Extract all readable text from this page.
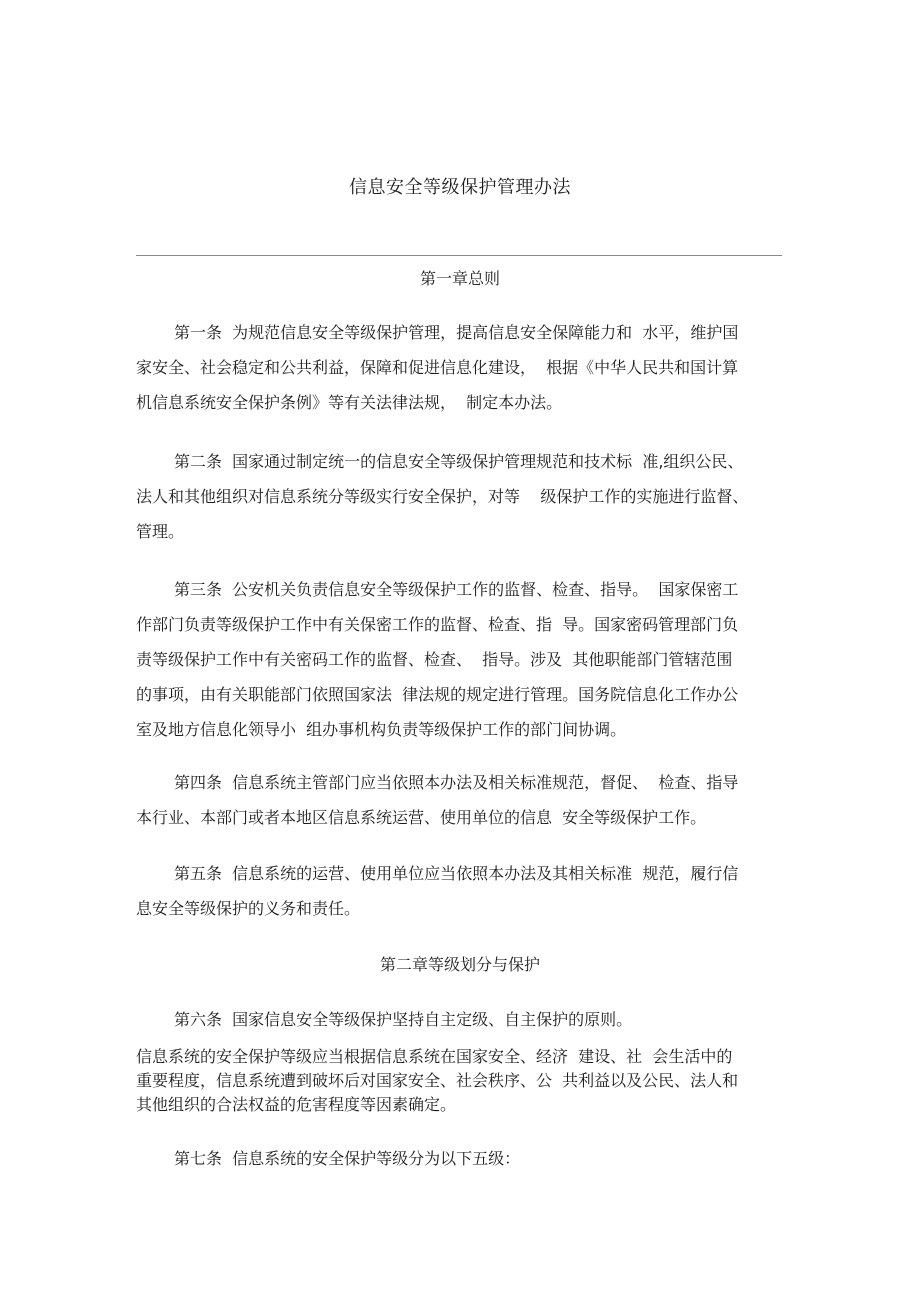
信息安全等级保护管理办法
第一章总则
第一条  为规范信息安全等级保护管理，提高信息安全保障能力和  水平，维护国
家安全、社会稳定和公共利益，保障和促进信息化建设，  根据《中华人民共和国计算
机信息系统安全保护条例》等有关法律法规，  制定本办法。
第二条  国家通过制定统一的信息安全等级保护管理规范和技术标  准,组织公民、
法人和其他组织对信息系统分等级实行安全保护，对等    级保护工作的实施进行监督、
管理。
第三条  公安机关负责信息安全等级保护工作的监督、检查、指导。  国家保密工
作部门负责等级保护工作中有关保密工作的监督、检查、指  导。国家密码管理部门负
责等级保护工作中有关密码工作的监督、检查、  指导。涉及  其他职能部门管辖范围
的事项，由有关职能部门依照国家法  律法规的规定进行管理。国务院信息化工作办公
室及地方信息化领导小  组办事机构负责等级保护工作的部门间协调。
第四条  信息系统主管部门应当依照本办法及相关标准规范，督促、  检查、指导
本行业、本部门或者本地区信息系统运营、使用单位的信息  安全等级保护工作。
第五条  信息系统的运营、使用单位应当依照本办法及其相关标准  规范，履行信
息安全等级保护的义务和责任。
第二章等级划分与保护
第六条  国家信息安全等级保护坚持自主定级、自主保护的原则。
信息系统的安全保护等级应当根据信息系统在国家安全、经济  建设、社  会生活中的
重要程度，信息系统遭到破坏后对国家安全、社会秩序、公  共利益以及公民、法人和
其他组织的合法权益的危害程度等因素确定。
第七条  信息系统的安全保护等级分为以下五级：
